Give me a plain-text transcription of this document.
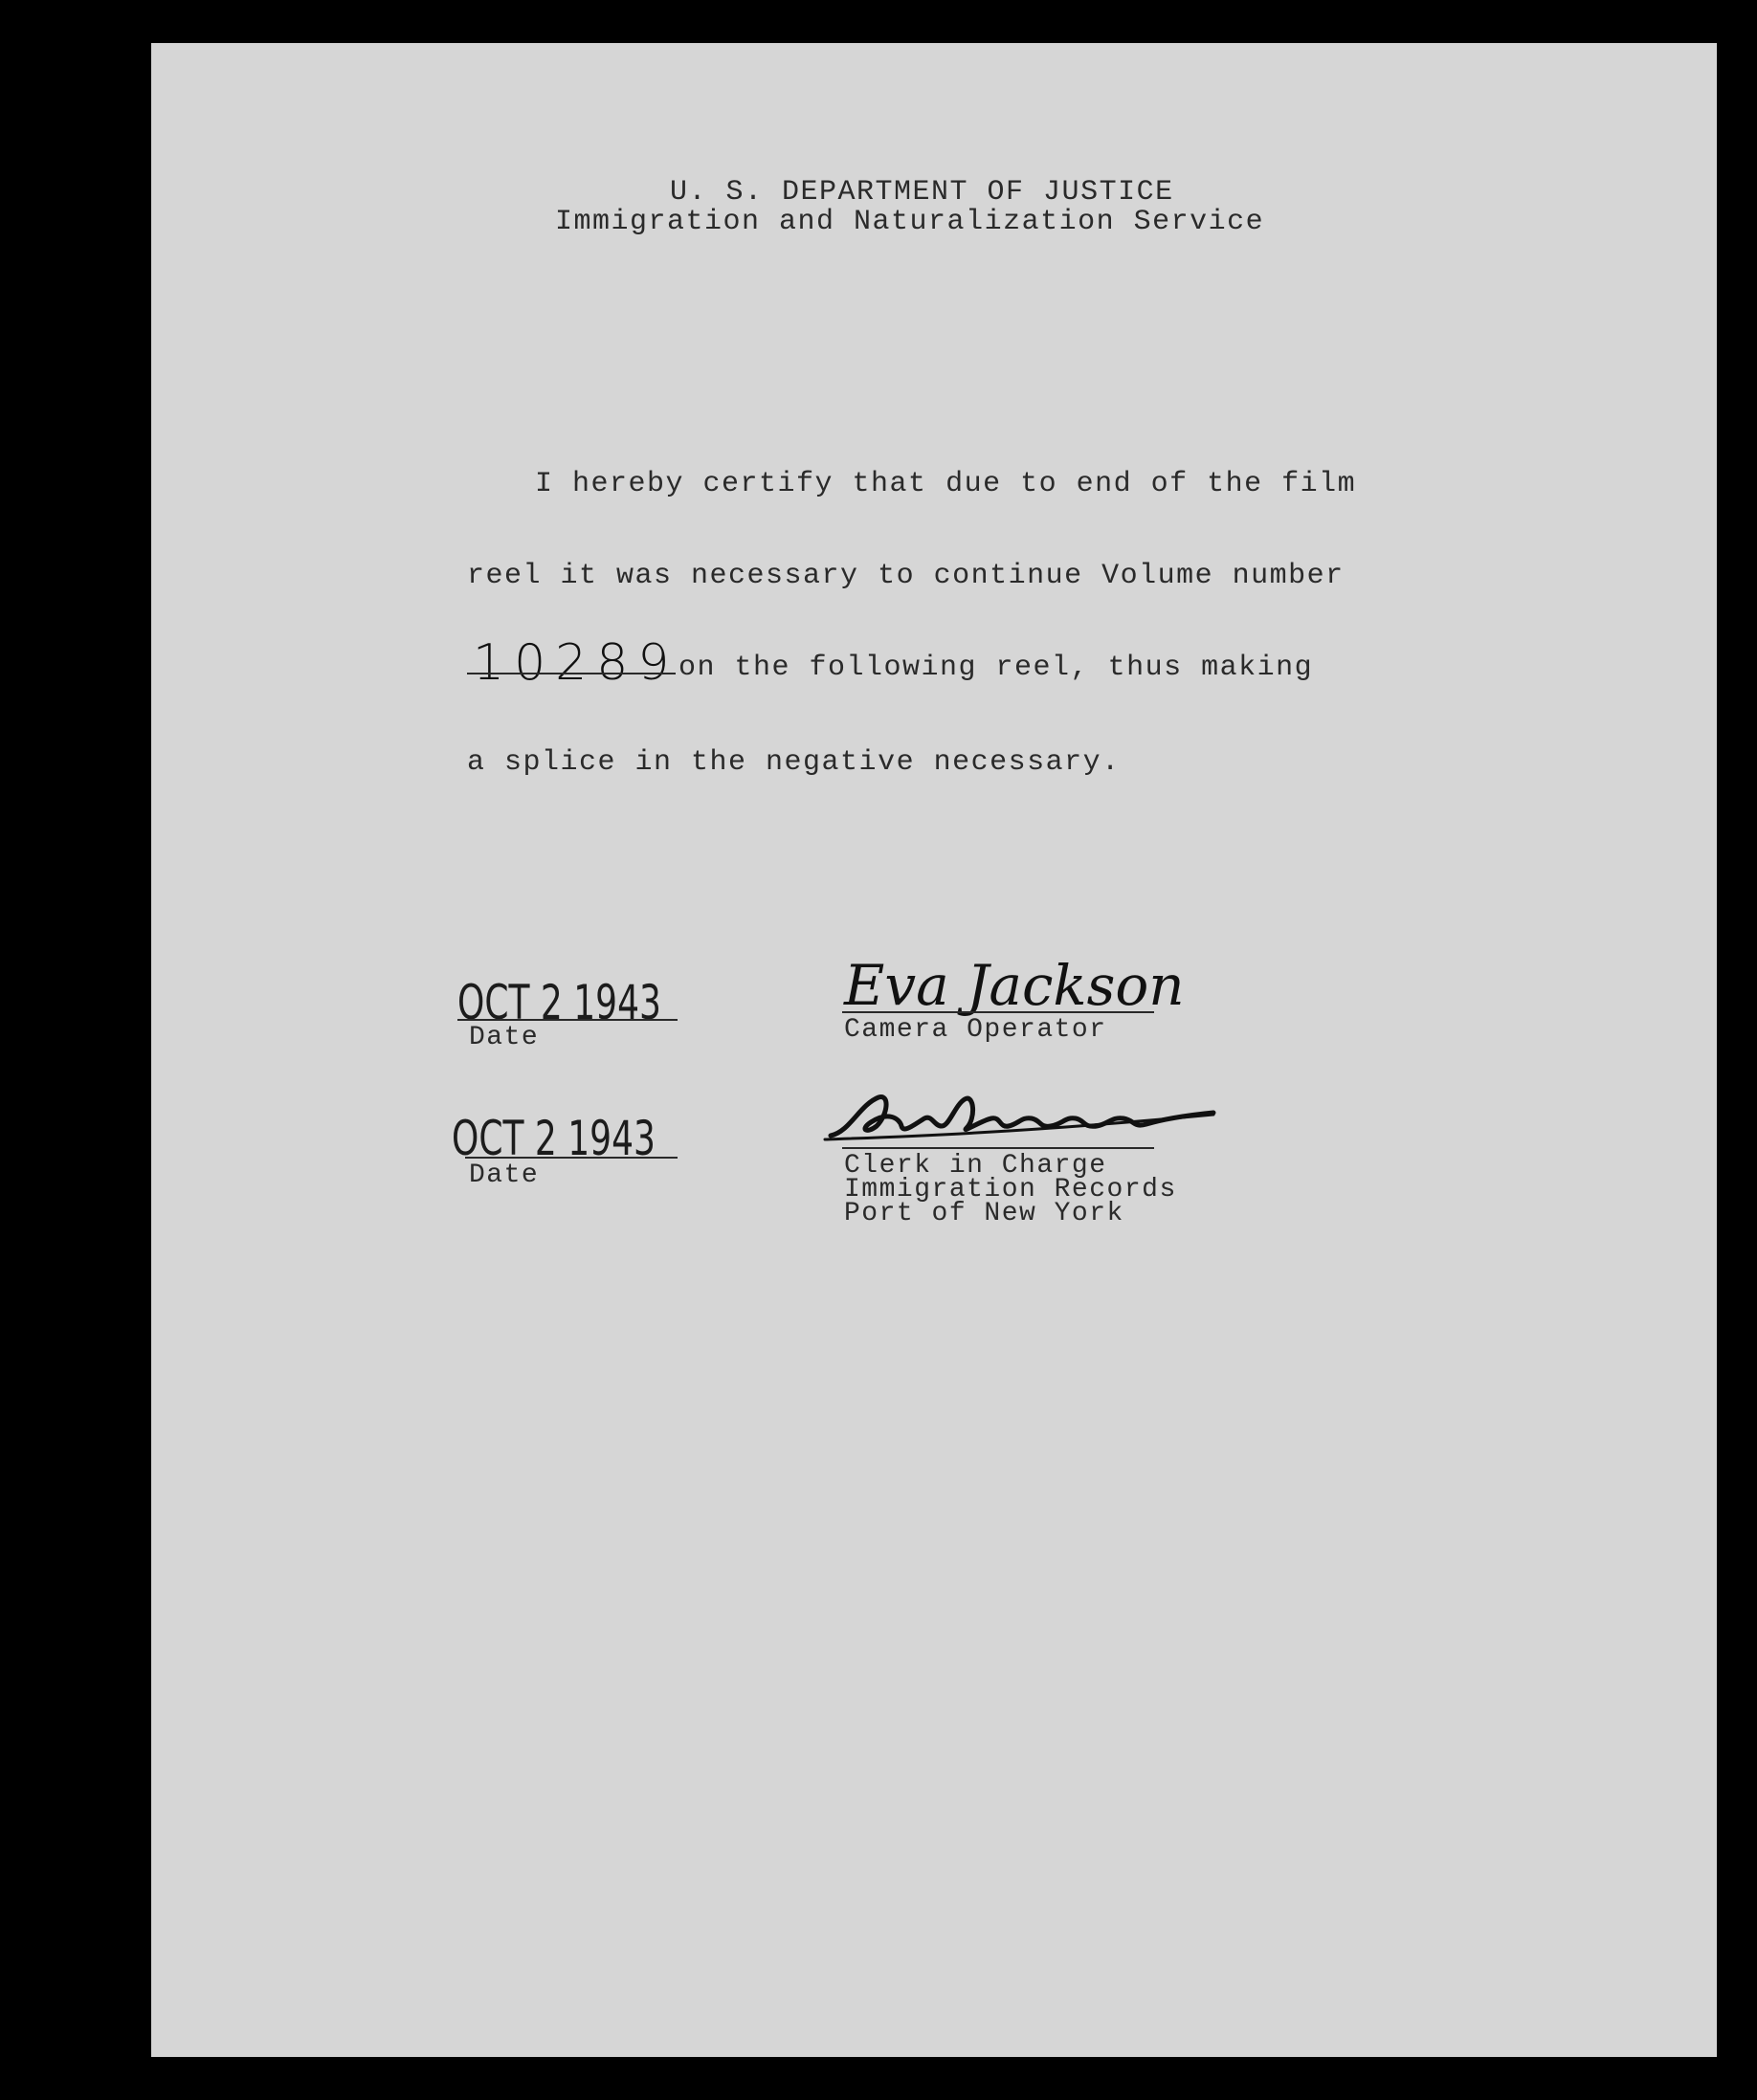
U. S. DEPARTMENT OF JUSTICE
Immigration and Naturalization Service
I hereby certify that due to end of the film
reel it was necessary to continue Volume number
10289 on the following reel, thus making
a splice in the negative necessary.
OCT 2 1943
Date
Eva Jackson
Camera Operator
OCT 2 1943
Date	Clerk in Charge
Immigration Records
Port of New York
